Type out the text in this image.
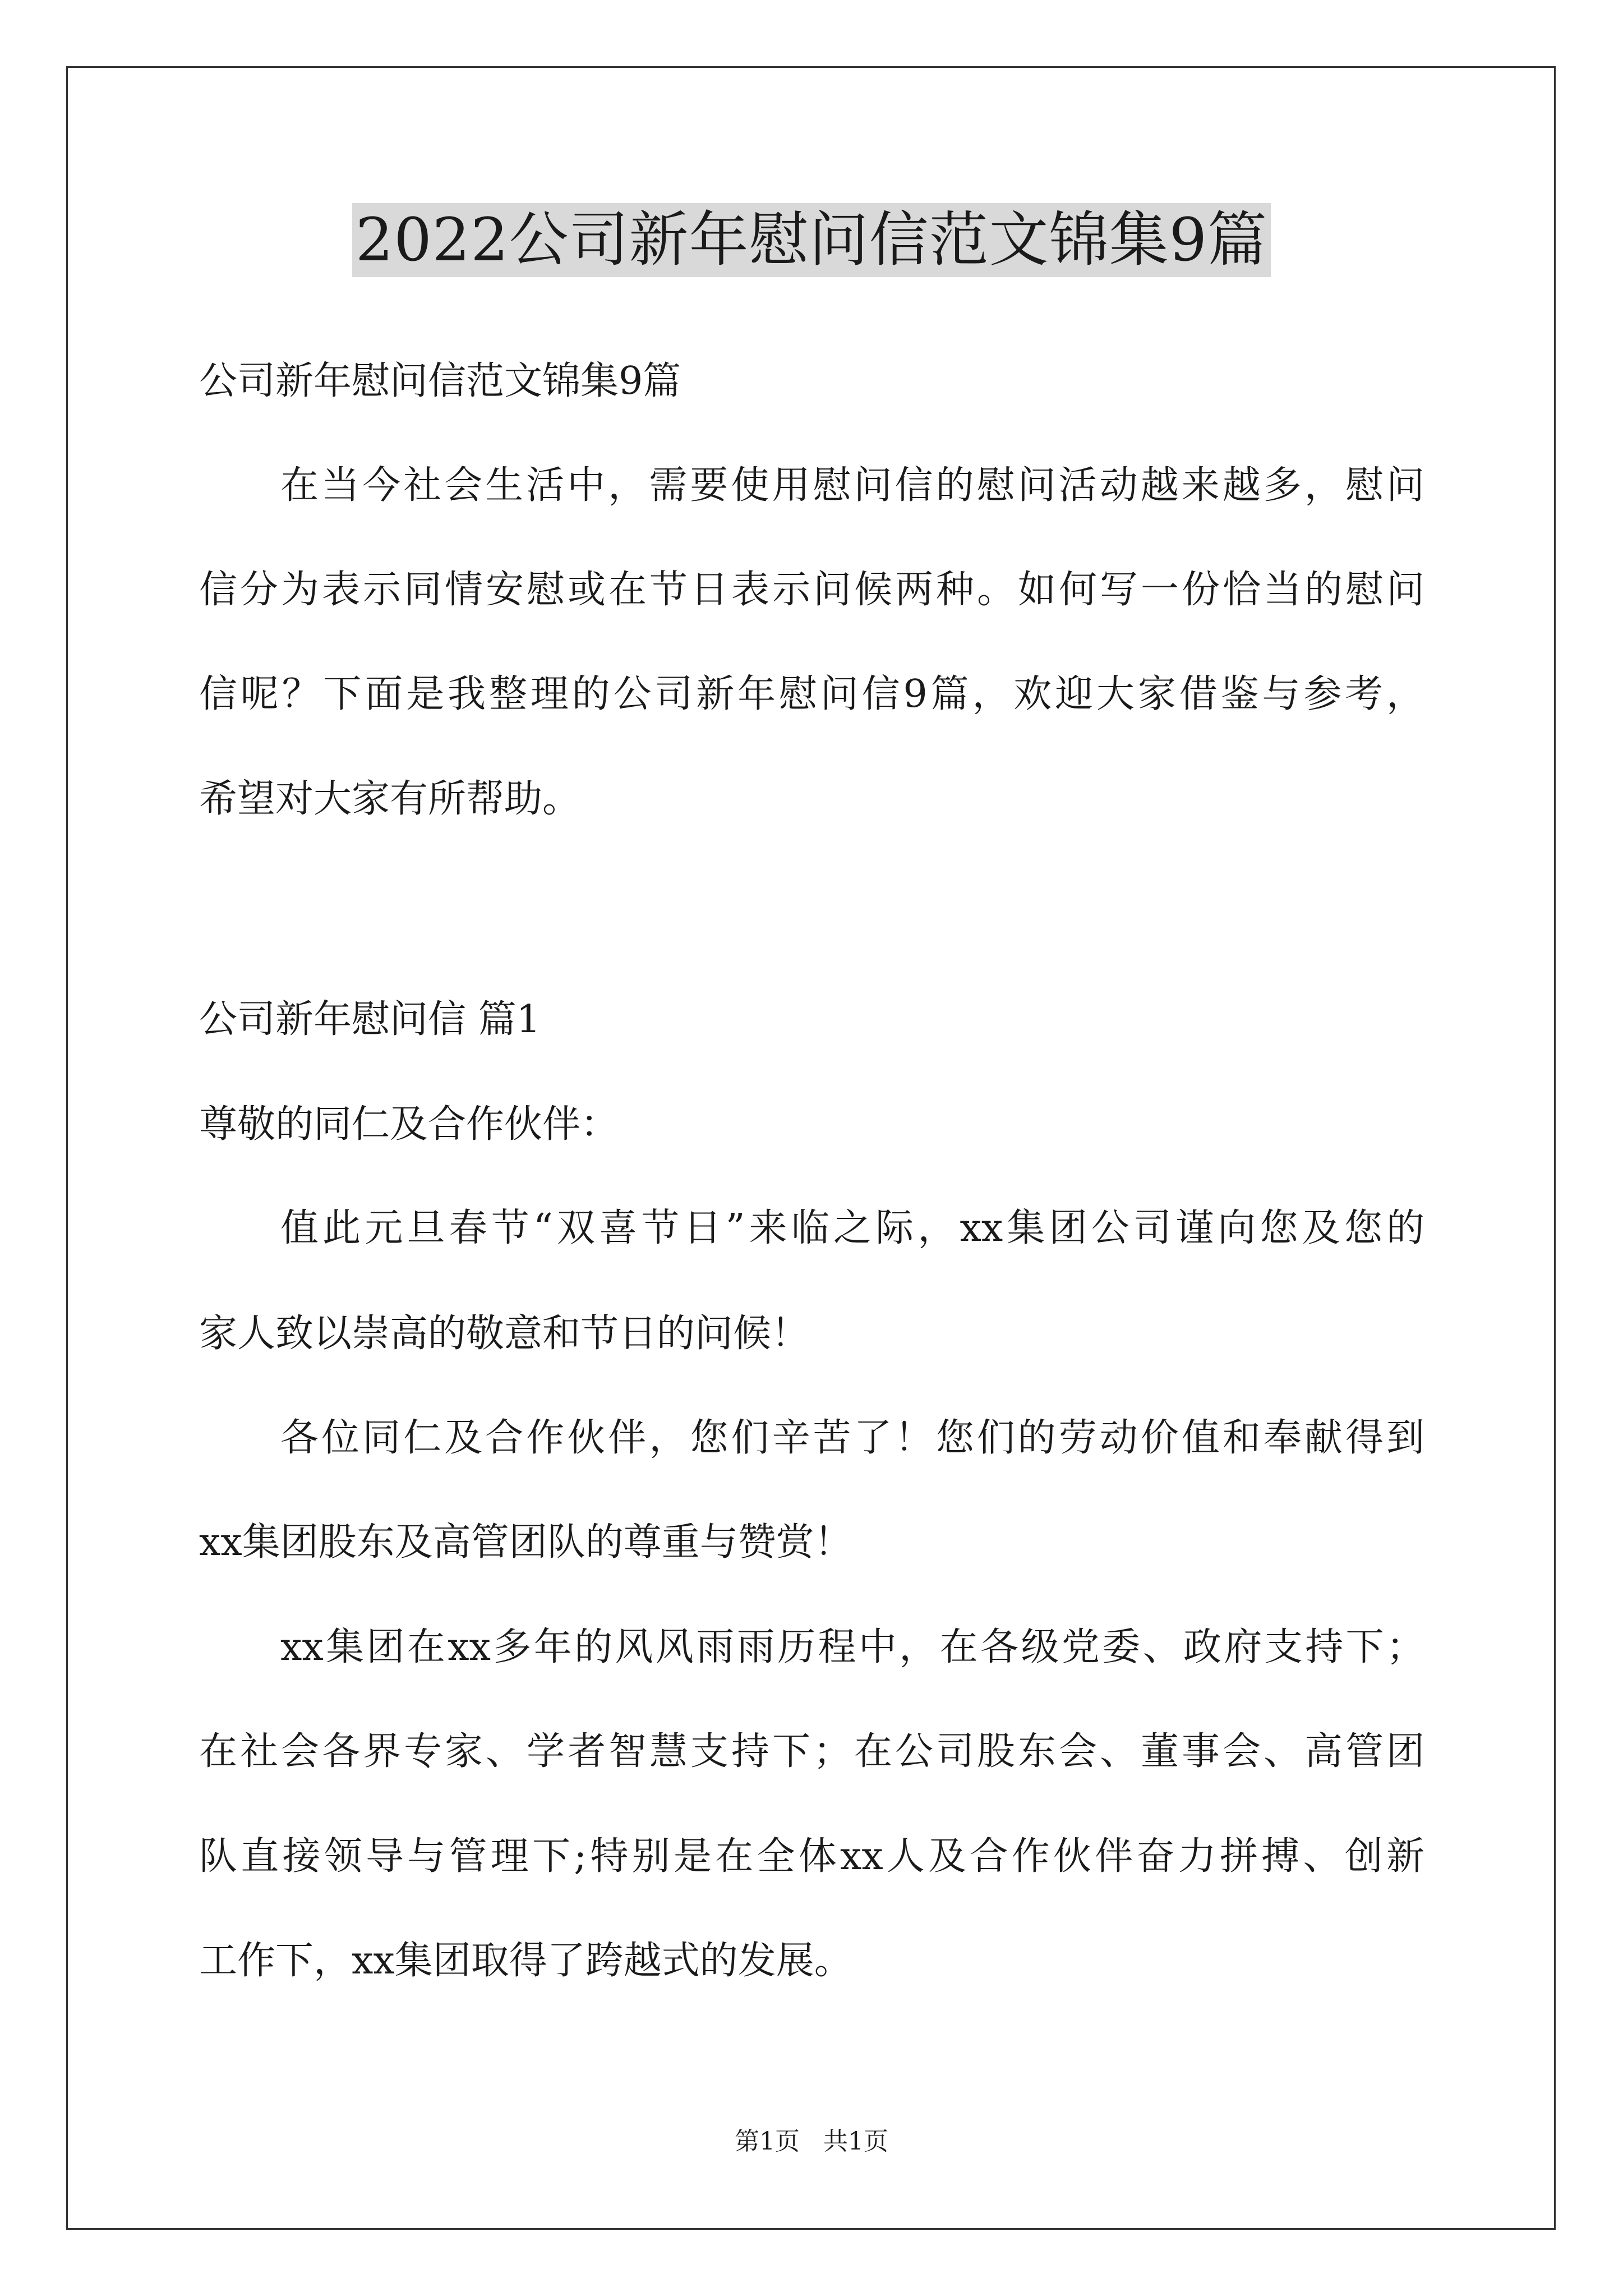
2022公司新年慰问信范文锦集9篇
公司新年慰问信范文锦集9篇
在当今社会生活中，需要使用慰问信的慰问活动越来越多，慰问
信分为表示同情安慰或在节日表示问候两种。如何写一份恰当的慰问
信呢？下面是我整理的公司新年慰问信9篇，欢迎大家借鉴与参考，
希望对大家有所帮助。
公司新年慰问信 篇1
尊敬的同仁及合作伙伴：
值此元旦春节“双喜节日”来临之际，xx集团公司谨向您及您的
家人致以崇高的敬意和节日的问候！
各位同仁及合作伙伴，您们辛苦了！您们的劳动价值和奉献得到
xx集团股东及高管团队的尊重与赞赏！
xx集团在xx多年的风风雨雨历程中，在各级党委、政府支持下；
在社会各界专家、学者智慧支持下；在公司股东会、董事会、高管团
队直接领导与管理下;特别是在全体xx人及合作伙伴奋力拼搏、创新
工作下，xx集团取得了跨越式的发展。
第1页   共1页
